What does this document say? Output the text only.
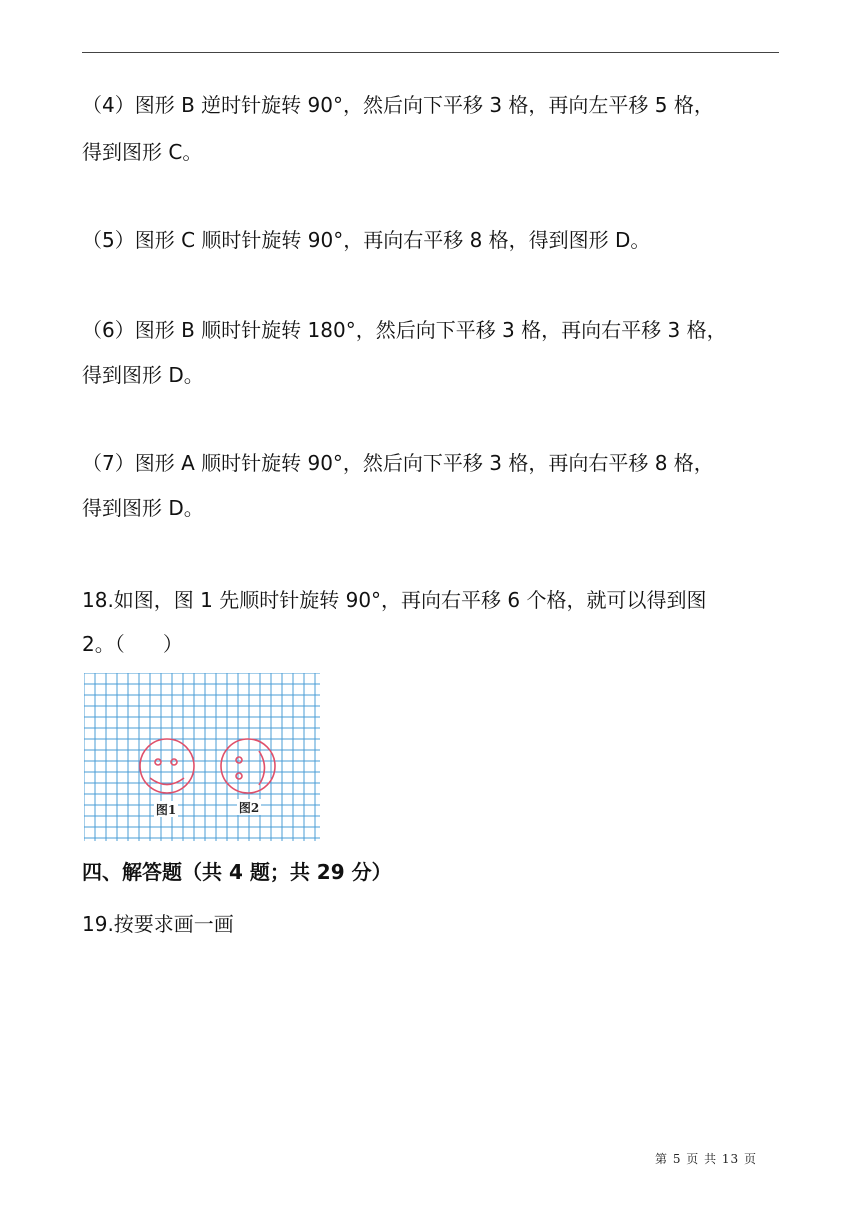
（4）图形 B 逆时针旋转 90°，然后向下平移 3 格，再向左平移 5 格，
得到图形 C。
（5）图形 C 顺时针旋转 90°，再向右平移 8 格，得到图形 D。
（6）图形 B 顺时针旋转 180°，然后向下平移 3 格，再向右平移 3 格，
得到图形 D。
（7）图形 A 顺时针旋转 90°，然后向下平移 3 格，再向右平移 8 格，
得到图形 D。
18.如图，图 1 先顺时针旋转 90°，再向右平移 6 个格，就可以得到图
2。（      ）
图1	图2
四、解答题（共 4 题；共 29 分）
19.按要求画一画
第 5 页 共 13 页
